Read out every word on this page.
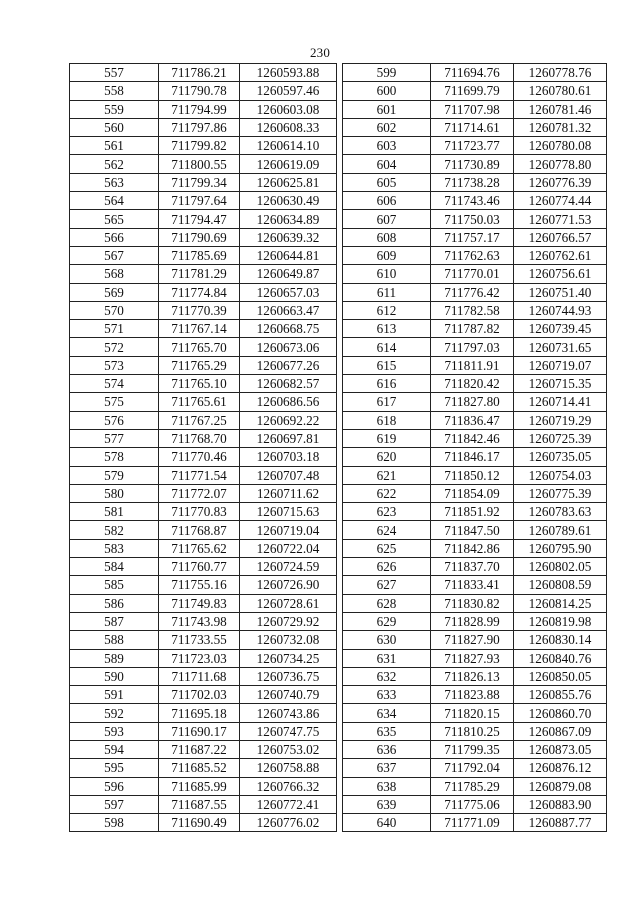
230
557	711786.21	1260593.88
558	711790.78	1260597.46
559	711794.99	1260603.08
560	711797.86	1260608.33
561	711799.82	1260614.10
562	711800.55	1260619.09
563	711799.34	1260625.81
564	711797.64	1260630.49
565	711794.47	1260634.89
566	711790.69	1260639.32
567	711785.69	1260644.81
568	711781.29	1260649.87
569	711774.84	1260657.03
570	711770.39	1260663.47
571	711767.14	1260668.75
572	711765.70	1260673.06
573	711765.29	1260677.26
574	711765.10	1260682.57
575	711765.61	1260686.56
576	711767.25	1260692.22
577	711768.70	1260697.81
578	711770.46	1260703.18
579	711771.54	1260707.48
580	711772.07	1260711.62
581	711770.83	1260715.63
582	711768.87	1260719.04
583	711765.62	1260722.04
584	711760.77	1260724.59
585	711755.16	1260726.90
586	711749.83	1260728.61
587	711743.98	1260729.92
588	711733.55	1260732.08
589	711723.03	1260734.25
590	711711.68	1260736.75
591	711702.03	1260740.79
592	711695.18	1260743.86
593	711690.17	1260747.75
594	711687.22	1260753.02
595	711685.52	1260758.88
596	711685.99	1260766.32
597	711687.55	1260772.41
598	711690.49	1260776.02
599	711694.76	1260778.76
600	711699.79	1260780.61
601	711707.98	1260781.46
602	711714.61	1260781.32
603	711723.77	1260780.08
604	711730.89	1260778.80
605	711738.28	1260776.39
606	711743.46	1260774.44
607	711750.03	1260771.53
608	711757.17	1260766.57
609	711762.63	1260762.61
610	711770.01	1260756.61
611	711776.42	1260751.40
612	711782.58	1260744.93
613	711787.82	1260739.45
614	711797.03	1260731.65
615	711811.91	1260719.07
616	711820.42	1260715.35
617	711827.80	1260714.41
618	711836.47	1260719.29
619	711842.46	1260725.39
620	711846.17	1260735.05
621	711850.12	1260754.03
622	711854.09	1260775.39
623	711851.92	1260783.63
624	711847.50	1260789.61
625	711842.86	1260795.90
626	711837.70	1260802.05
627	711833.41	1260808.59
628	711830.82	1260814.25
629	711828.99	1260819.98
630	711827.90	1260830.14
631	711827.93	1260840.76
632	711826.13	1260850.05
633	711823.88	1260855.76
634	711820.15	1260860.70
635	711810.25	1260867.09
636	711799.35	1260873.05
637	711792.04	1260876.12
638	711785.29	1260879.08
639	711775.06	1260883.90
640	711771.09	1260887.77
